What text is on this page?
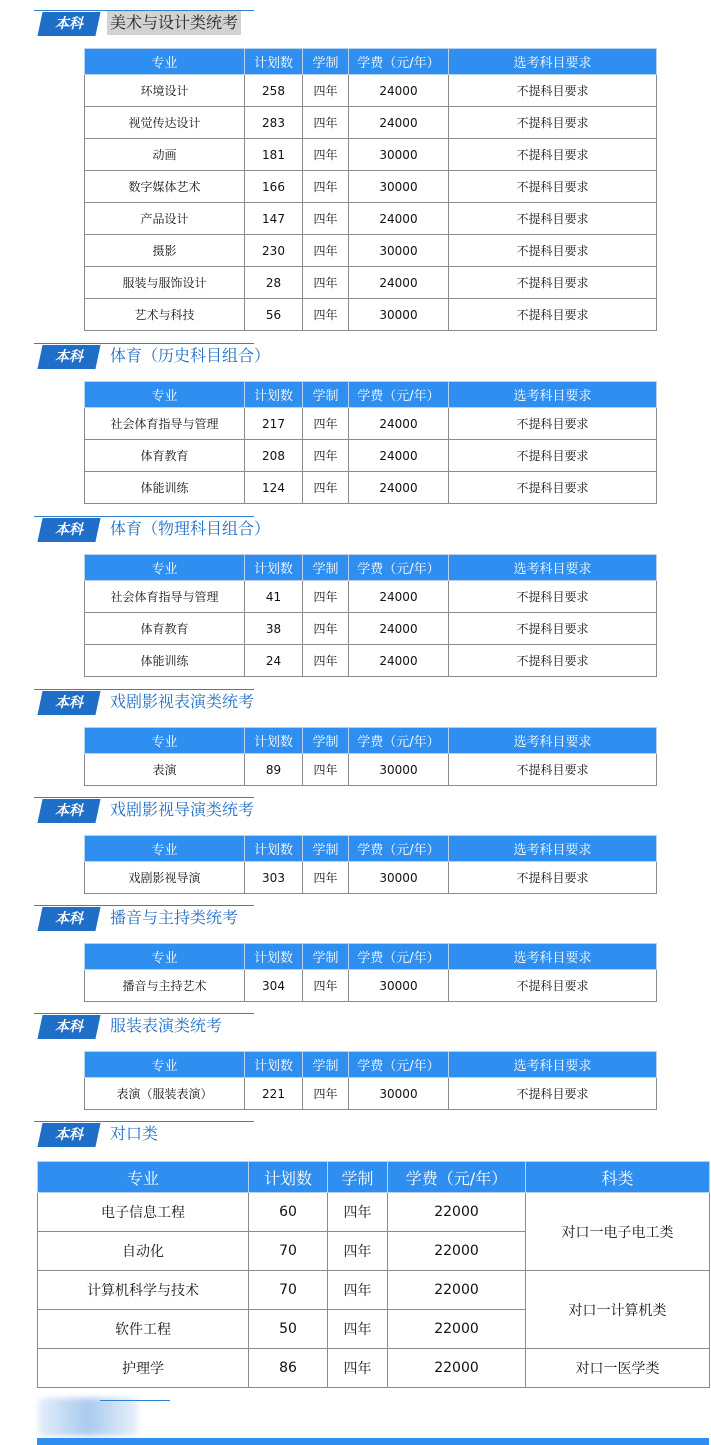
本科	美术与设计类统考
专业	计划数	学制	学费（元/年）	选考科目要求
环境设计	258	四年	24000	不提科目要求
视觉传达设计	283	四年	24000	不提科目要求
动画	181	四年	30000	不提科目要求
数字媒体艺术	166	四年	30000	不提科目要求
产品设计	147	四年	24000	不提科目要求
摄影	230	四年	30000	不提科目要求
服装与服饰设计	28	四年	24000	不提科目要求
艺术与科技	56	四年	30000	不提科目要求
本科	体育（历史科目组合）
专业	计划数	学制	学费（元/年）	选考科目要求
社会体育指导与管理	217	四年	24000	不提科目要求
体育教育	208	四年	24000	不提科目要求
体能训练	124	四年	24000	不提科目要求
本科	体育（物理科目组合）
专业	计划数	学制	学费（元/年）	选考科目要求
社会体育指导与管理	41	四年	24000	不提科目要求
体育教育	38	四年	24000	不提科目要求
体能训练	24	四年	24000	不提科目要求
本科	戏剧影视表演类统考
专业	计划数	学制	学费（元/年）	选考科目要求
表演	89	四年	30000	不提科目要求
本科	戏剧影视导演类统考
专业	计划数	学制	学费（元/年）	选考科目要求
戏剧影视导演	303	四年	30000	不提科目要求
本科	播音与主持类统考
专业	计划数	学制	学费（元/年）	选考科目要求
播音与主持艺术	304	四年	30000	不提科目要求
本科	服装表演类统考
专业	计划数	学制	学费（元/年）	选考科目要求
表演（服装表演）	221	四年	30000	不提科目要求
本科	对口类
专业	计划数	学制	学费（元/年）	科类
电子信息工程	60	四年	22000	对口一电子电工类
自动化	70	四年	22000	
计算机科学与技术	70	四年	22000	对口一计算机类
软件工程	50	四年	22000	
护理学	86	四年	22000	对口一医学类
